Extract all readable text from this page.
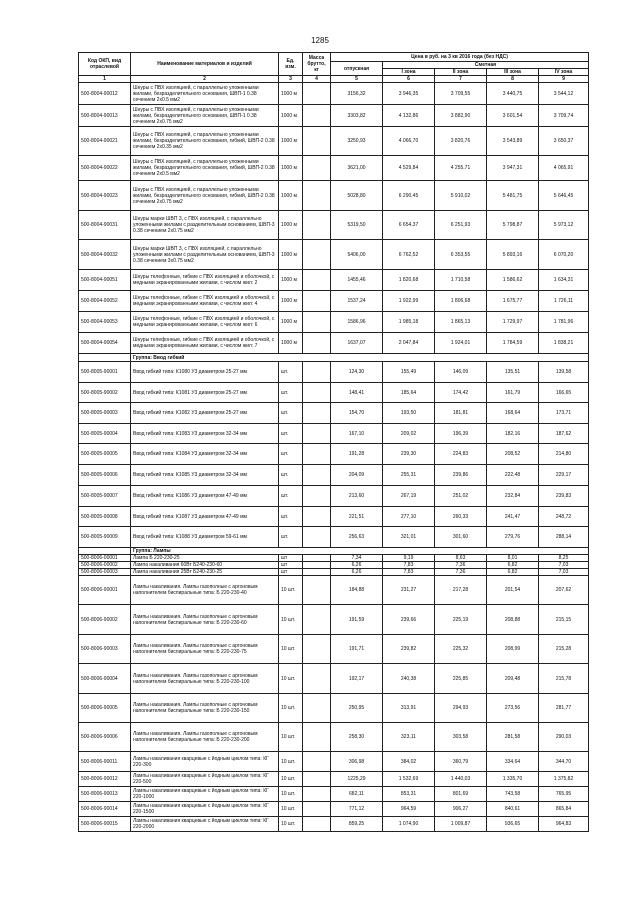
1285
Код ОКП, вид отраслевой	Наименование материалов и изделий	Ед. изм.	Масса брутто, кг	Цена в руб. на 3 кв 2016 года (без НДС)				
				отпускная	Сметная			
					I зона	II зона	III зона	IV зона
1	2	3	4	5	6	7	8	9
500-8004-90012	Шнуры с ПВХ изоляцией, с параллельно уложенными жилами, безразделительного основания, ШВП-1 0.38 сечением 2х0.5 мм2	1000 м		3156,32	3 946,35	3 709,55	3 440,75	3 544,12
500-8004-90013	Шнуры с ПВХ изоляцией, с параллельно уложенными жилами, безразделительного основания, ШВП-1 0.38 сечением 2х0.75 мм2	1000 м		3303,82	4 132,86	3 882,90	3 601,54	3 709,74
500-8004-90021	Шнуры с ПВХ изоляцией, с параллельно уложенными жилами, безразделительного основания, гибкий, ШВП-2 0.38 сечением 2х0.35 мм2	1000 м		3250,93	4 066,70	3 820,76	3 543,89	3 650,37
500-8004-90022	Шнуры с ПВХ изоляцией, с параллельно уложенными жилами, безразделительного основания, гибкий, ШВП-2 0.38 сечением 2х0.5 мм2	1000 м		3621,00	4 529,84	4 255,71	3 947,31	4 065,91
500-8004-90023	Шнуры с ПВХ изоляцией, с параллельно уложенными жилами, безразделительного основания, гибкий, ШВП-2 0.38 сечением 2х0.75 мм2	1000 м		5028,80	6 290,45	5 910,02	5 481,75	5 646,45
500-8004-90031	Шнуры марки ШВП 3, с ПВХ изоляцией, с параллельно уложенными жилами с разделительным основанием, ШВП-3 0.38 сечением 2х0.75 мм2	1000 м		5319,50	6 654,37	6 251,93	5 798,87	5 973,12
500-8004-90032	Шнуры марки ШВП 3, с ПВХ изоляцией, с параллельно уложенными жилами с разделительным основанием, ШВП-3 0.38 сечением 3х0.75 мм2	1000 м		5406,00	6 762,52	6 353,55	5 893,16	6 070,20
500-8004-90051	Шнуры телефонные, гибкие с ПВХ изоляцией и оболочкой, с медными экранированными жилами, с числом жил: 2	1000 м		1455,46	1 820,68	1 710,58	1 586,62	1 634,31
500-8004-90052	Шнуры телефонные, гибкие с ПВХ изоляцией и оболочкой, с медными экранированными жилами, с числом жил: 4	1000 м		1537,24	1 922,99	1 806,68	1 675,77	1 726,11
500-8004-90053	Шнуры телефонные, гибкие с ПВХ изоляцией и оболочкой, с медными экранированными жилами, с числом жил: 6	1000 м		1586,96	1 985,18	1 865,13	1 729,97	1 781,96
500-8004-90054	Шнуры телефонные, гибкие с ПВХ изоляцией и оболочкой, с медными экранированными жилами, с числом жил: 7	1000 м		1637,07	2 047,84	1 924,01	1 784,59	1 838,21
	Группа: Ввод гибкий							
500-8005-90001	Ввод гибкий типа: К1080 У3 диаметром 25-27 мм	шт.		124,30	155,49	146,09	135,51	139,58
500-8005-90002	Ввод гибкий типа: К1081 У3 диаметром 25-27 мм	шт.		148,41	185,64	174,42	161,79	166,65
500-8005-90003	Ввод гибкий типа: К1082 У3 диаметром 25-27 мм	шт.		154,70	193,50	181,81	168,64	173,71
500-8005-90004	Ввод гибкий типа: К1083 У3 диаметром 32-34 мм	шт.		167,10	209,02	196,39	182,16	187,62
500-8005-90005	Ввод гибкий типа: К1084 У3 диаметром 32-34 мм	шт.		191,28	239,30	224,83	208,52	214,80
500-8005-90006	Ввод гибкий типа: К1085 У3 диаметром 32-34 мм	шт.		204,09	255,31	239,86	222,48	229,17
500-8005-90007	Ввод гибкий типа: К1086 У3 диаметром 47-49 мм	шт.		213,60	267,19	251,02	232,84	239,83
500-8005-90008	Ввод гибкий типа: К1087 У3 диаметром 47-49 мм	шт.		221,51	277,10	260,33	241,47	248,72
500-8005-90009	Ввод гибкий типа: К1088 У3 диаметром 59-61 мм	шт.		256,63	321,01	301,60	279,76	288,14
	Группа: Лампы							
500-8006-00001	Лампа Б 220-230-25	шт		7,34	9,19	8,63	8,01	8,25
500-8006-00002	Лампа накаливания 60Вт Б240-230-60	шт		6,26	7,83	7,36	6,82	7,03
500-8006-00003	Лампа накаливания 25Вт Б240-230-25	шт		6,26	7,83	7,36	6,82	7,03
500-8006-90001	Лампы накаливания. Лампы газополные с аргоновым наполнителем биспиральные типа: Б 220-230-40	10 шт.		184,88	231,27	217,28	201,54	207,62
500-8006-90002	Лампы накаливания. Лампы газополные с аргоновым наполнителем биспиральные типа: Б 220-230-60	10 шт.		191,59	239,66	225,19	208,88	215,15
500-8006-90003	Лампы накаливания. Лампы газополные с аргоновым наполнителем биспиральные типа: Б 220-230-75	10 шт.		191,71	239,82	225,32	208,99	215,28
500-8006-90004	Лампы накаливания. Лампы газополные с аргоновым наполнителем биспиральные типа: Б 220-230-100	10 шт.		192,17	240,38	225,85	209,48	215,78
500-8006-90005	Лампы накаливания. Лампы газополные с аргоновым наполнителем биспиральные типа: Б 220-230-150	10 шт.		250,95	313,91	294,93	273,56	281,77
500-8006-90006	Лампы накаливания. Лампы газополные с аргоновым наполнителем биспиральные типа: Б 220-230-200	10 шт.		258,30	323,11	303,58	281,58	290,03
500-8006-90011	Лампы накаливания кварцевые с йодным циклом типа: КГ 220-300	10 шт.		306,98	384,02	360,79	334,64	344,70
500-8006-90012	Лампы накаливания кварцевые с йодным циклом типа: КГ 220-500	10 шт.		1225,29	1 532,69	1 440,03	1 335,70	1 375,82
500-8006-90013	Лампы накаливания кварцевые с йодным циклом типа: КГ 220-1000	10 шт.		682,11	853,31	801,69	743,58	765,95
500-8006-90014	Лампы накаливания кварцевые с йодным циклом типа: КГ 220-1500	10 шт.		771,12	964,59	906,27	840,61	865,84
500-8006-90015	Лампы накаливания кварцевые с йодным циклом типа: КГ 220-2000	10 шт.		859,25	1 074,90	1 009,87	936,65	964,83
